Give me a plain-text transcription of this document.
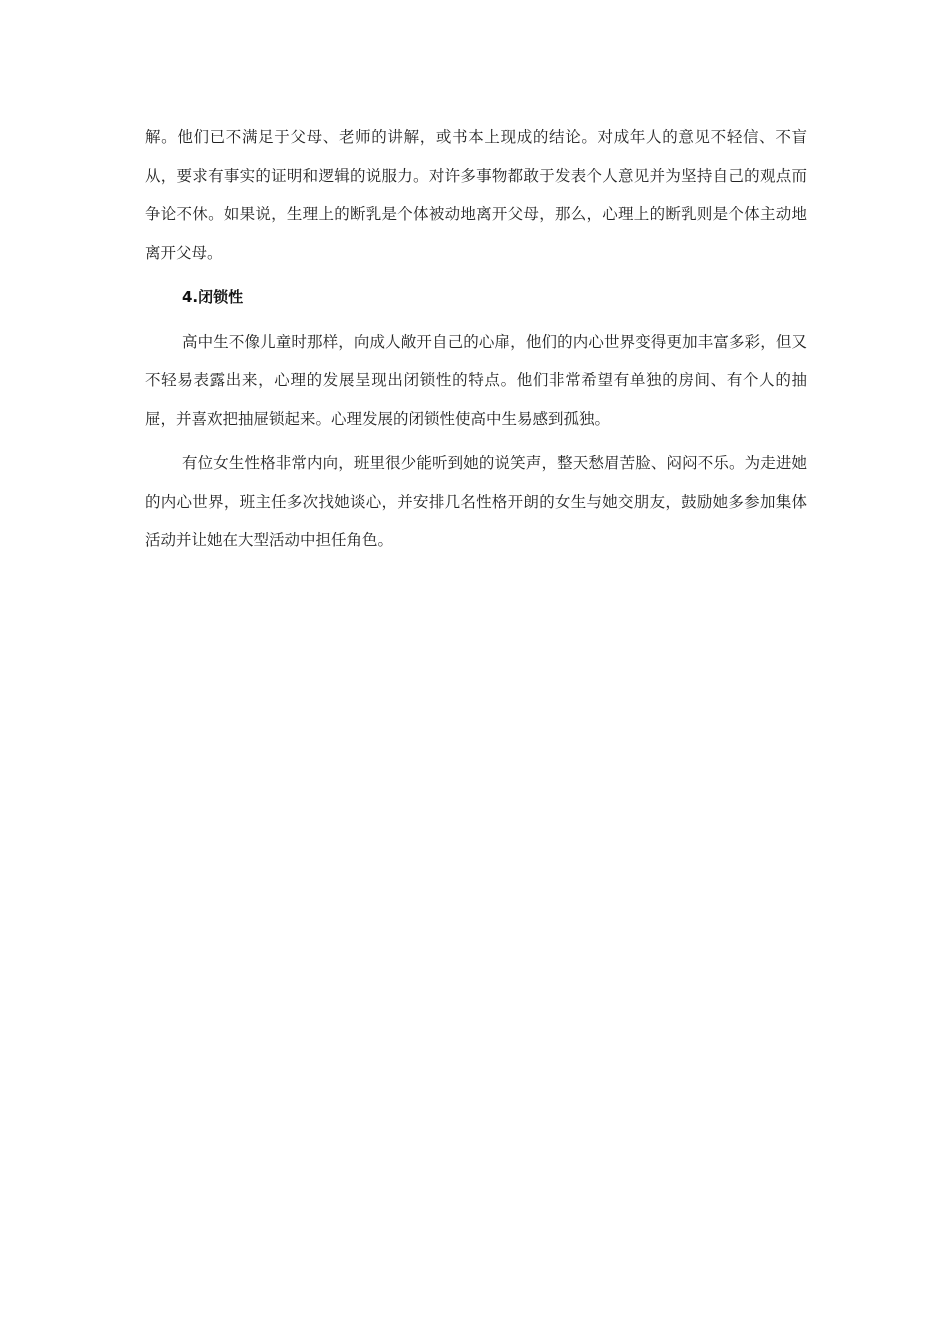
解。他们已不满足于父母、老师的讲解，或书本上现成的结论。对成年人的意见不轻信、不盲从，要求有事实的证明和逻辑的说服力。对许多事物都敢于发表个人意见并为坚持自己的观点而争论不休。如果说，生理上的断乳是个体被动地离开父母，那么，心理上的断乳则是个体主动地离开父母。

4.闭锁性

高中生不像儿童时那样，向成人敞开自己的心扉，他们的内心世界变得更加丰富多彩，但又不轻易表露出来，心理的发展呈现出闭锁性的特点。他们非常希望有单独的房间、有个人的抽屉，并喜欢把抽屉锁起来。心理发展的闭锁性使高中生易感到孤独。

有位女生性格非常内向，班里很少能听到她的说笑声，整天愁眉苦脸、闷闷不乐。为走进她的内心世界，班主任多次找她谈心，并安排几名性格开朗的女生与她交朋友，鼓励她多参加集体活动并让她在大型活动中担任角色。
